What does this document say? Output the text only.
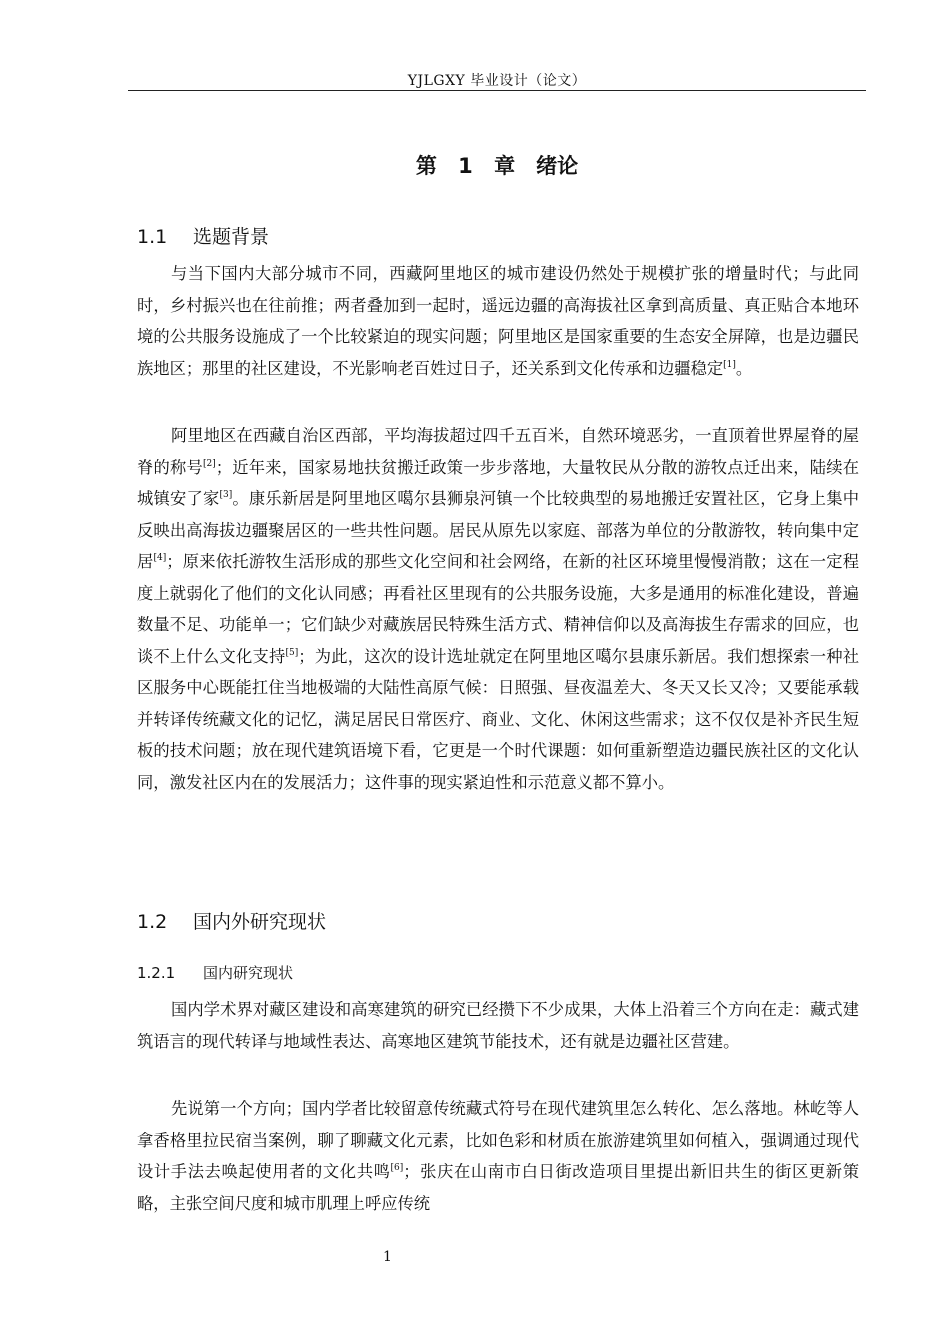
YJLGXY 毕业设计（论文）
第 1 章　绪论
1.1 选题背景

与当下国内大部分城市不同，西藏阿里地区的城市建设仍然处于规模扩张的增量时代；与此同时，乡村振兴也在往前推；两者叠加到一起时，遥远边疆的高海拔社区拿到高质量、真正贴合本地环境的公共服务设施成了一个比较紧迫的现实问题；阿里地区是国家重要的生态安全屏障，也是边疆民族地区；那里的社区建设，不光影响老百姓过日子，还关系到文化传承和边疆稳定[1]。

阿里地区在西藏自治区西部，平均海拔超过四千五百米，自然环境恶劣，一直顶着世界屋脊的屋脊的称号[2]；近年来，国家易地扶贫搬迁政策一步步落地，大量牧民从分散的游牧点迁出来，陆续在城镇安了家[3]。康乐新居是阿里地区噶尔县狮泉河镇一个比较典型的易地搬迁安置社区，它身上集中反映出高海拔边疆聚居区的一些共性问题。居民从原先以家庭、部落为单位的分散游牧，转向集中定居[4]；原来依托游牧生活形成的那些文化空间和社会网络，在新的社区环境里慢慢消散；这在一定程度上就弱化了他们的文化认同感；再看社区里现有的公共服务设施，大多是通用的标准化建设，普遍数量不足、功能单一；它们缺少对藏族居民特殊生活方式、精神信仰以及高海拔生存需求的回应，也谈不上什么文化支持[5]；为此，这次的设计选址就定在阿里地区噶尔县康乐新居。我们想探索一种社区服务中心既能扛住当地极端的大陆性高原气候：日照强、昼夜温差大、冬天又长又冷；又要能承载并转译传统藏文化的记忆，满足居民日常医疗、商业、文化、休闲这些需求；这不仅仅是补齐民生短板的技术问题；放在现代建筑语境下看，它更是一个时代课题：如何重新塑造边疆民族社区的文化认同，激发社区内在的发展活力；这件事的现实紧迫性和示范意义都不算小。

1.2 国内外研究现状
1.2.1 国内研究现状

国内学术界对藏区建设和高寒建筑的研究已经攒下不少成果，大体上沿着三个方向在走：藏式建筑语言的现代转译与地域性表达、高寒地区建筑节能技术，还有就是边疆社区营建。

先说第一个方向；国内学者比较留意传统藏式符号在现代建筑里怎么转化、怎么落地。林屹等人拿香格里拉民宿当案例，聊了聊藏文化元素，比如色彩和材质在旅游建筑里如何植入，强调通过现代设计手法去唤起使用者的文化共鸣[6]；张庆在山南市白日街改造项目里提出新旧共生的街区更新策略，主张空间尺度和城市肌理上呼应传统

1
